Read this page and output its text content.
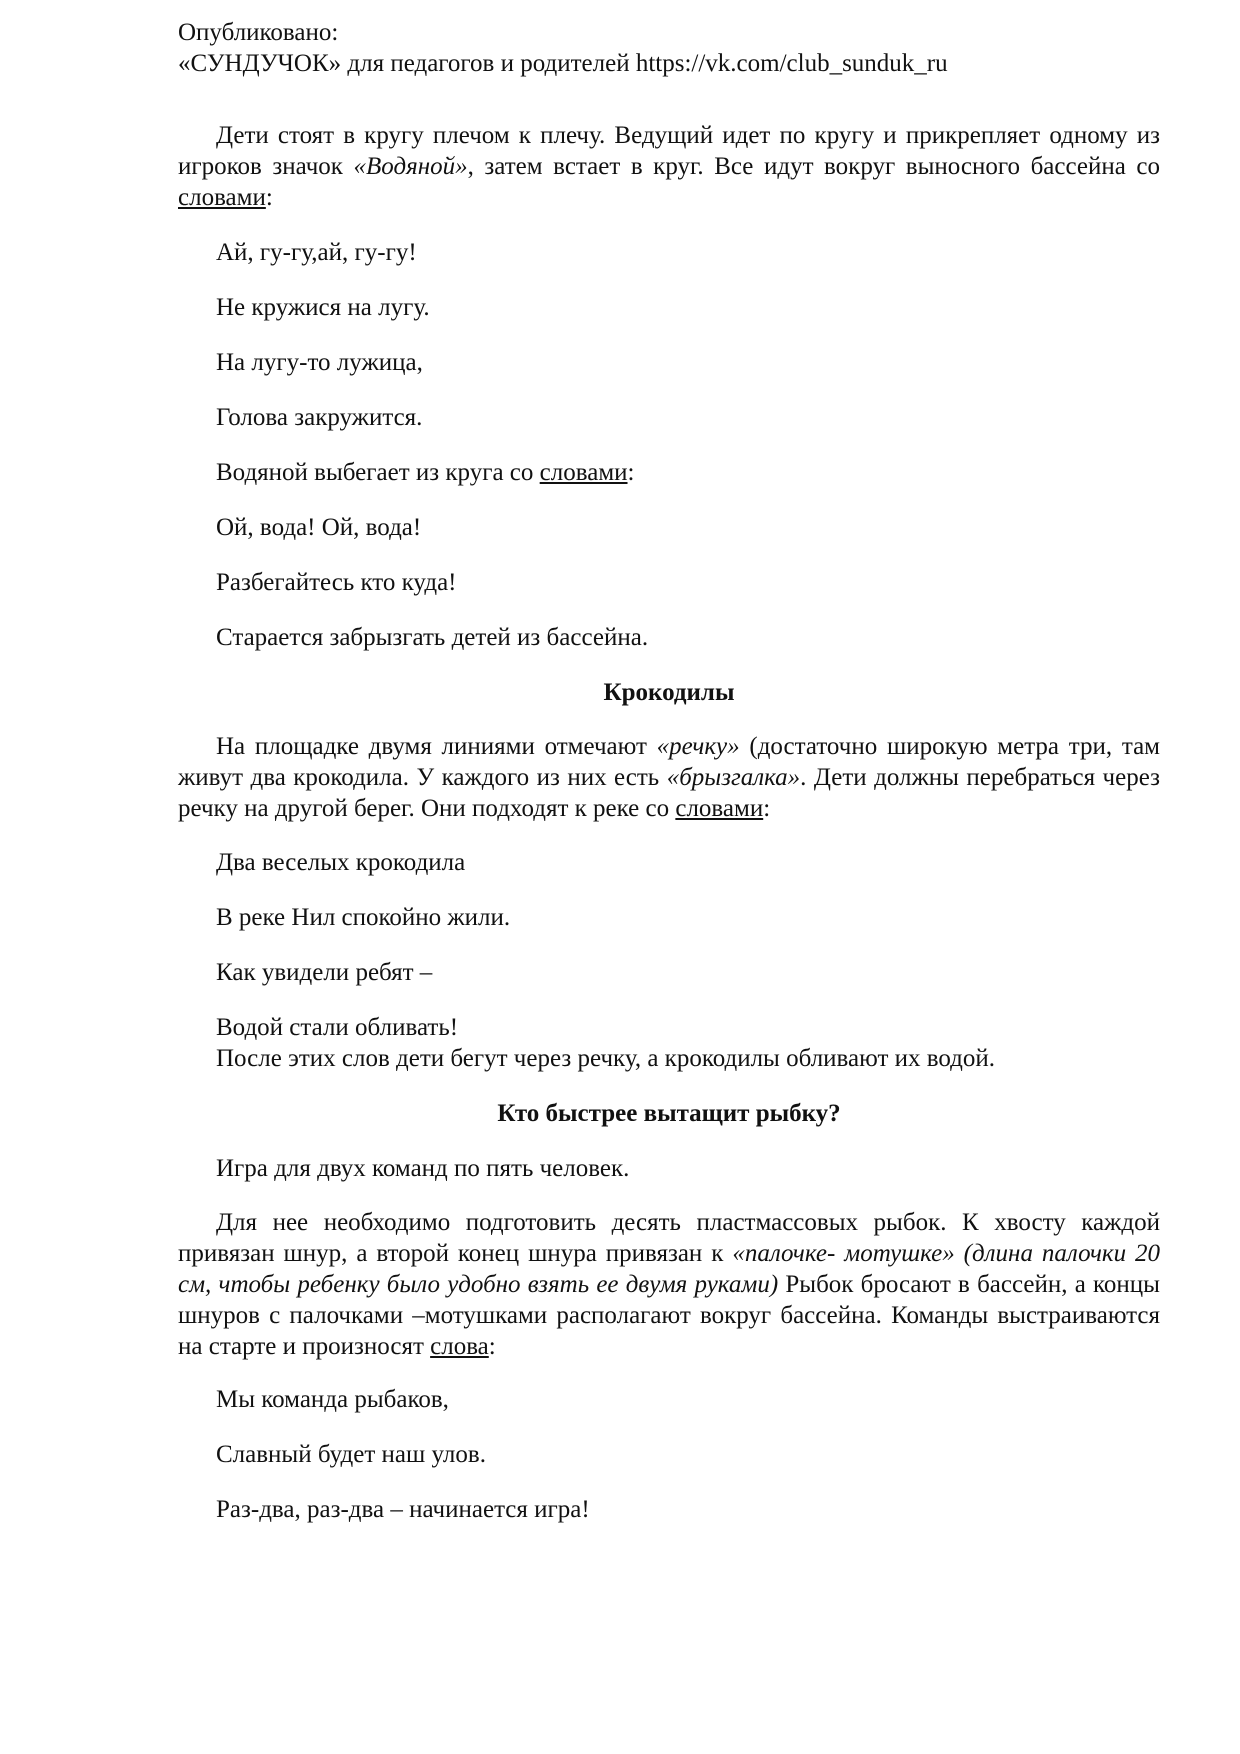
Опубликовано:
«СУНДУЧОК» для педагогов и родителей https://vk.com/club_sunduk_ru
Дети стоят в кругу плечом к плечу. Ведущий идет по кругу и прикрепляет одному из игроков значок «Водяной», затем встает в круг. Все идут вокруг выносного бассейна со словами:
Ай, гу-гу,ай, гу-гу!
Не кружися на лугу.
На лугу-то лужица,
Голова закружится.
Водяной выбегает из круга со словами:
Ой, вода! Ой, вода!
Разбегайтесь кто куда!
Старается забрызгать детей из бассейна.
Крокодилы
На площадке двумя линиями отмечают «речку» (достаточно широкую метра три, там живут два крокодила. У каждого из них есть «брызгалка». Дети должны перебраться через речку на другой берег. Они подходят к реке со словами:
Два веселых крокодила
В реке Нил спокойно жили.
Как увидели ребят –
Водой стали обливать!
После этих слов дети бегут через речку, а крокодилы обливают их водой.
Кто быстрее вытащит рыбку?
Игра для двух команд по пять человек.
Для нее необходимо подготовить десять пластмассовых рыбок. К хвосту каждой привязан шнур, а второй конец шнура привязан к «палочке- мотушке» (длина палочки 20 см, чтобы ребенку было удобно взять ее двумя руками) Рыбок бросают в бассейн, а концы шнуров с палочками –мотушками располагают вокруг бассейна. Команды выстраиваются на старте и произносят слова:
Мы команда рыбаков,
Славный будет наш улов.
Раз-два, раз-два – начинается игра!
